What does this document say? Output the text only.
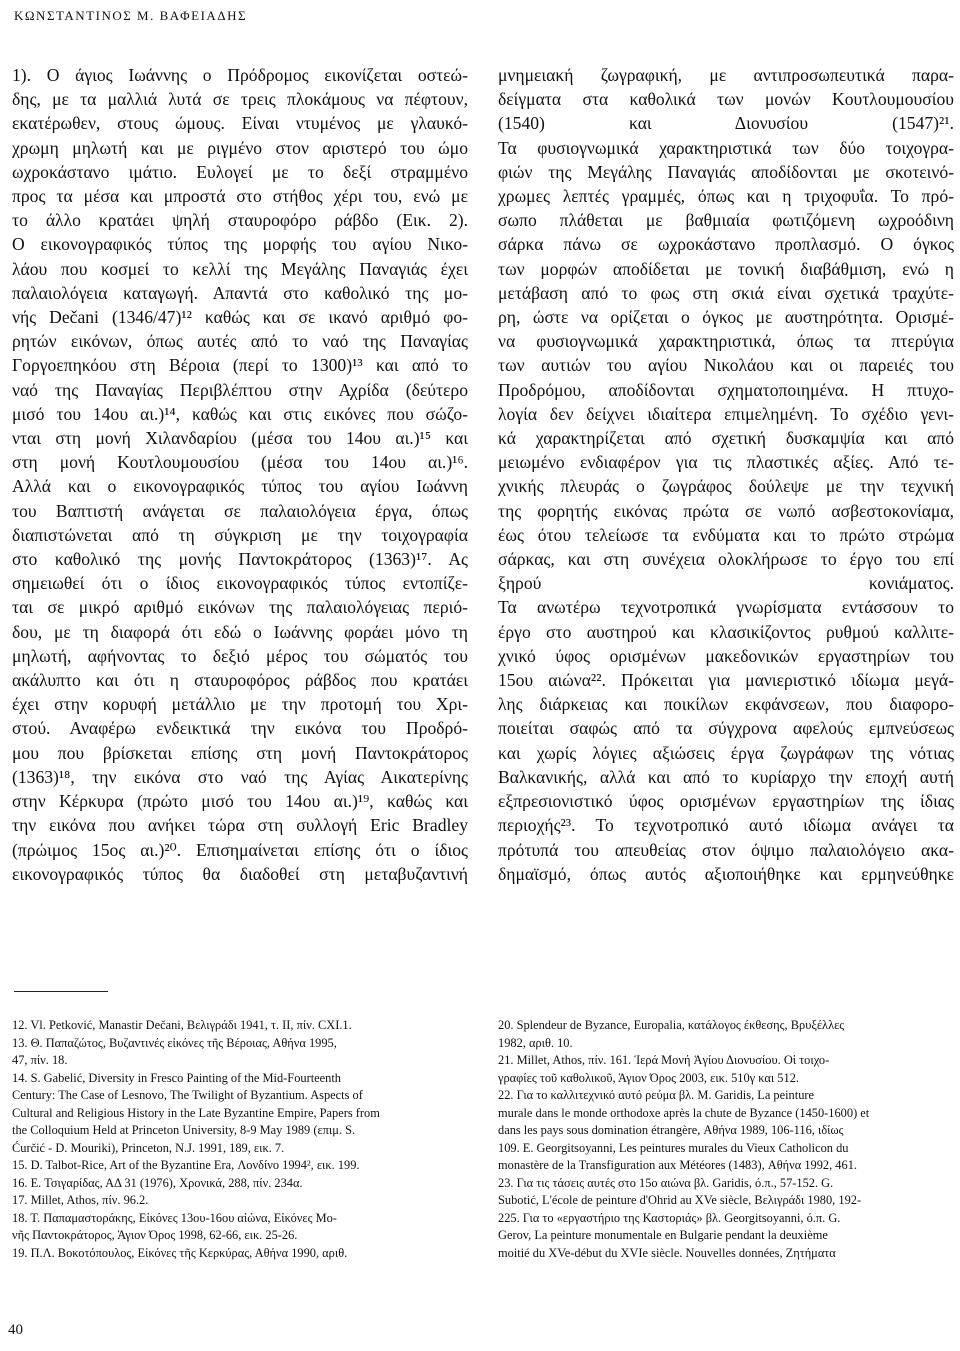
ΚΩΝΣΤΑΝΤΙΝΟΣ Μ. ΒΑΦΕΙΑΔΗΣ
1). Ο άγιος Ιωάννης ο Πρόδρομος εικονίζεται οστεώ-
δης, με τα μαλλιά λυτά σε τρεις πλοκάμους να πέφτουν,
εκατέρωθεν, στους ώμους. Είναι ντυμένος με γλαυκό-
χρωμη μηλωτή και με ριγμένο στον αριστερό του ώμο
ωχροκάστανο ιμάτιο. Ευλογεί με το δεξί στραμμένο
προς τα μέσα και μπροστά στο στήθος χέρι του, ενώ με
το άλλο κρατάει ψηλή σταυροφόρο ράβδο (Εικ. 2).
Ο εικονογραφικός τύπος της μορφής του αγίου Νικο-
λάου που κοσμεί το κελλί της Μεγάλης Παναγιάς έχει
παλαιολόγεια καταγωγή. Απαντά στο καθολικό της μο-
νής Dečani (1346/47)¹² καθώς και σε ικανό αριθμό φο-
ρητών εικόνων, όπως αυτές από το ναό της Παναγίας
Γοργοεπηκόου στη Βέροια (περί το 1300)¹³ και από το
ναό της Παναγίας Περιβλέπτου στην Αχρίδα (δεύτερο
μισό του 14ου αι.)¹⁴, καθώς και στις εικόνες που σώζο-
νται στη μονή Χιλανδαρίου (μέσα του 14ου αι.)¹⁵ και
στη μονή Κουτλουμουσίου (μέσα του 14ου αι.)¹⁶.
Αλλά και ο εικονογραφικός τύπος του αγίου Ιωάννη
του Βαπτιστή ανάγεται σε παλαιολόγεια έργα, όπως
διαπιστώνεται από τη σύγκριση με την τοιχογραφία
στο καθολικό της μονής Παντοκράτορος (1363)¹⁷. Ας
σημειωθεί ότι ο ίδιος εικονογραφικός τύπος εντοπίζε-
ται σε μικρό αριθμό εικόνων της παλαιολόγειας περιό-
δου, με τη διαφορά ότι εδώ ο Ιωάννης φοράει μόνο τη
μηλωτή, αφήνοντας το δεξιό μέρος του σώματός του
ακάλυπτο και ότι η σταυροφόρος ράβδος που κρατάει
έχει στην κορυφή μετάλλιο με την προτομή του Χρι-
στού. Αναφέρω ενδεικτικά την εικόνα του Προδρό-
μου που βρίσκεται επίσης στη μονή Παντοκράτορος
(1363)¹⁸, την εικόνα στο ναό της Αγίας Αικατερίνης
στην Κέρκυρα (πρώτο μισό του 14ου αι.)¹⁹, καθώς και
την εικόνα που ανήκει τώρα στη συλλογή Eric Bradley
(πρώιμος 15ος αι.)²⁰. Επισημαίνεται επίσης ότι ο ίδιος
εικονογραφικός τύπος θα διαδοθεί στη μεταβυζαντινή
μνημειακή ζωγραφική, με αντιπροσωπευτικά παρα-
δείγματα στα καθολικά των μονών Κουτλουμουσίου
(1540) και Διονυσίου (1547)²¹.
Τα φυσιογνωμικά χαρακτηριστικά των δύο τοιχογρα-
φιών της Μεγάλης Παναγιάς αποδίδονται με σκοτεινό-
χρωμες λεπτές γραμμές, όπως και η τριχοφυΐα. Το πρό-
σωπο πλάθεται με βαθμιαία φωτιζόμενη ωχροόδινη
σάρκα πάνω σε ωχροκάστανο προπλασμό. Ο όγκος
των μορφών αποδίδεται με τονική διαβάθμιση, ενώ η
μετάβαση από το φως στη σκιά είναι σχετικά τραχύτε-
ρη, ώστε να ορίζεται ο όγκος με αυστηρότητα. Ορισμέ-
να φυσιογνωμικά χαρακτηριστικά, όπως τα πτερύγια
των αυτιών του αγίου Νικολάου και οι παρειές του
Προδρόμου, αποδίδονται σχηματοποιημένα. Η πτυχο-
λογία δεν δείχνει ιδιαίτερα επιμελημένη. Το σχέδιο γενι-
κά χαρακτηρίζεται από σχετική δυσκαμψία και από
μειωμένο ενδιαφέρον για τις πλαστικές αξίες. Από τε-
χνικής πλευράς ο ζωγράφος δούλεψε με την τεχνική
της φορητής εικόνας πρώτα σε νωπό ασβεστοκονίαμα,
έως ότου τελείωσε τα ενδύματα και το πρώτο στρώμα
σάρκας, και στη συνέχεια ολοκλήρωσε το έργο του επί
ξηρού κονιάματος.
Τα ανωτέρω τεχνοτροπικά γνωρίσματα εντάσσουν το
έργο στο αυστηρού και κλασικίζοντος ρυθμού καλλιτε-
χνικό ύφος ορισμένων μακεδονικών εργαστηρίων του
15ου αιώνα²². Πρόκειται για μανιεριστικό ιδίωμα μεγά-
λης διάρκειας και ποικίλων εκφάνσεων, που διαφορο-
ποιείται σαφώς από τα σύγχρονα αφελούς εμπνεύσεως
και χωρίς λόγιες αξιώσεις έργα ζωγράφων της νότιας
Βαλκανικής, αλλά και από το κυρίαρχο την εποχή αυτή
εξπρεσιονιστικό ύφος ορισμένων εργαστηρίων της ίδιας
περιοχής²³. Το τεχνοτροπικό αυτό ιδίωμα ανάγει τα
πρότυπά του απευθείας στον όψιμο παλαιολόγειο ακα-
δημαϊσμό, όπως αυτός αξιοποιήθηκε και ερμηνεύθηκε
12. Vl. Petković, Manastir Dečani, Βελιγράδι 1941, τ. II, πίν. CXI.1.
13. Θ. Παπαζώτος, Βυζαντινές εἰκόνες τῆς Βέροιας, Αθήνα 1995,
47, πίν. 18.
14. S. Gabelić, Diversity in Fresco Painting of the Mid-Fourteenth
Century: The Case of Lesnovo, The Twilight of Byzantium. Aspects of
Cultural and Religious History in the Late Byzantine Empire, Papers from
the Colloquium Held at Princeton University, 8-9 May 1989 (επιμ. S.
Ćurčić - D. Mouriki), Princeton, N.J. 1991, 189, εικ. 7.
15. D. Talbot-Rice, Art of the Byzantine Era, Λονδίνο 1994², εικ. 199.
16. Ε. Τσιγαρίδας, ΑΔ 31 (1976), Χρονικά, 288, πίν. 234α.
17. Millet, Athos, πίν. 96.2.
18. Τ. Παπαμαστοράκης, Εἰκόνες 13ου-16ου αἰώνα, Εἰκόνες Μο-
νῆς Παντοκράτορος, Άγιον Όρος 1998, 62-66, εικ. 25-26.
19. Π.Λ. Βοκοτόπουλος, Εἰκόνες τῆς Κερκύρας, Αθήνα 1990, αριθ.
20. Splendeur de Byzance, Europalia, κατάλογος έκθεσης, Βρυξέλλες
1982, αριθ. 10.
21. Millet, Athos, πίν. 161. Ἱερά Μονή Ἁγίου Διονυσίου. Οἱ τοιχο-
γραφίες τοῦ καθολικοῦ, Άγιον Όρος 2003, εικ. 510γ και 512.
22. Για το καλλιτεχνικό αυτό ρεύμα βλ. M. Garidis, La peinture
murale dans le monde orthodoxe après la chute de Byzance (1450-1600) et
dans les pays sous domination étrangère, Αθήνα 1989, 106-116, ιδίως
109. E. Georgitsoyanni, Les peintures murales du Vieux Catholicon du
monastère de la Transfiguration aux Météores (1483), Αθήνα 1992, 461.
23. Για τις τάσεις αυτές στο 15ο αιώνα βλ. Garidis, ό.π., 57-152. G.
Subotić, L'école de peinture d'Ohrid au XVe siècle, Βελιγράδι 1980, 192-
225. Για το «εργαστήριο της Καστοριάς» βλ. Georgitsoyanni, ό.π. G.
Gerov, La peinture monumentale en Bulgarie pendant la deuxième
moitié du XVe-début du XVIe siècle. Nouvelles données, Ζητήματα
40
